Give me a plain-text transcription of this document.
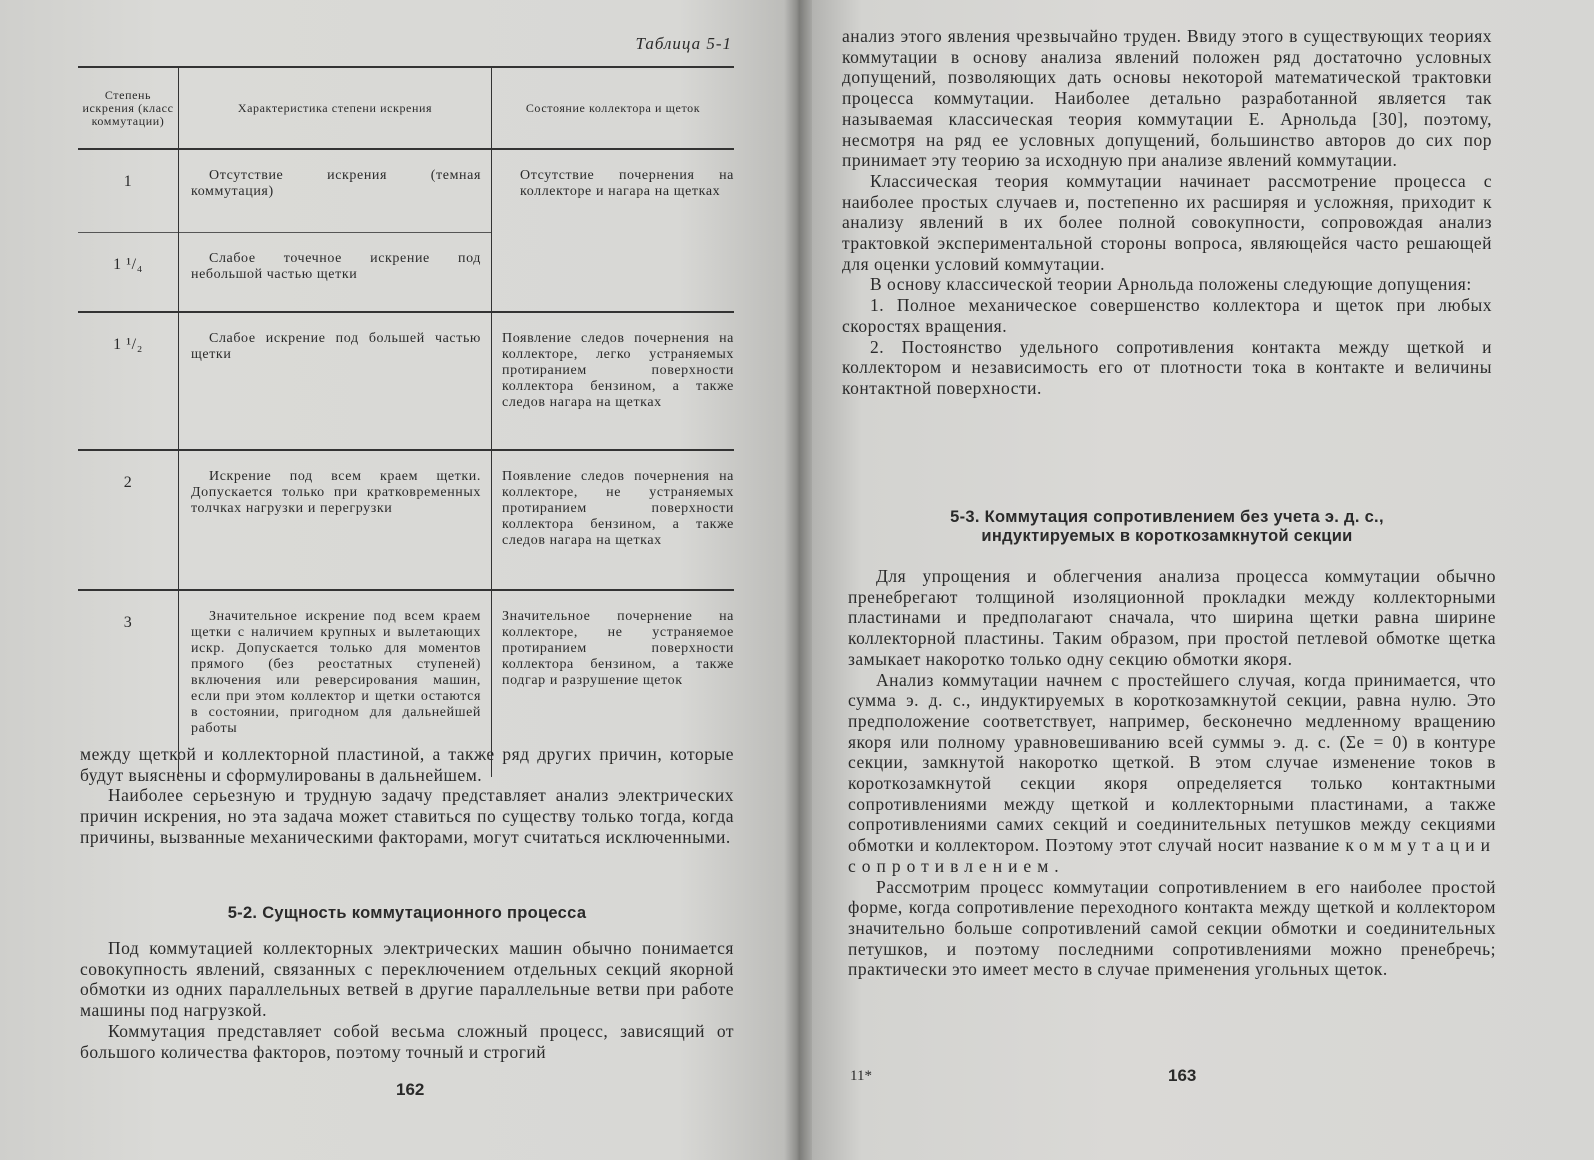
Таблица 5-1
Степень искрения (класс коммутации)	Характеристика степени искрения	Состояние коллектора и щеток
1	Отсутствие искрения (темная коммутация)	Отсутствие почернения на коллекторе и нагара на щетках
1 ¹/₄	Слабое точечное искрение под небольшой частью щетки	
1 ¹/₂	Слабое искрение под большей частью щетки	Появление следов почернения на коллекторе, легко устраняемых протиранием поверхности коллектора бензином, а также следов нагара на щетках
2	Искрение под всем краем щетки. Допускается только при кратковременных толчках нагрузки и перегрузки	Появление следов почернения на коллекторе, не устраняемых протиранием поверхности коллектора бензином, а также следов нагара на щетках
3	Значительное искрение под всем краем щетки с наличием крупных и вылетающих искр. Допускается только для моментов прямого (без реостатных ступеней) включения или реверсирования машин, если при этом коллектор и щетки остаются в состоянии, пригодном для дальнейшей работы	Значительное почернение на коллекторе, не устраняемое протиранием поверхности коллектора бензином, а также подгар и разрушение щеток

между щеткой и коллекторной пластиной, а также ряд других причин, которые будут выяснены и сформулированы в дальнейшем.

Наиболее серьезную и трудную задачу представляет анализ электрических причин искрения, но эта задача может ставиться по существу только тогда, когда причины, вызванные механическими факторами, могут считаться исключенными.

5-2. Сущность коммутационного процесса

Под коммутацией коллекторных электрических машин обычно понимается совокупность явлений, связанных с переключением отдельных секций якорной обмотки из одних параллельных ветвей в другие параллельные ветви при работе машины под нагрузкой.

Коммутация представляет собой весьма сложный процесс, зависящий от большого количества факторов, поэтому точный и строгий

162

анализ этого явления чрезвычайно труден. Ввиду этого в существующих теориях коммутации в основу анализа явлений положен ряд достаточно условных допущений, позволяющих дать основы некоторой математической трактовки процесса коммутации. Наиболее детально разработанной является так называемая классическая теория коммутации Е. Арнольда [30], поэтому, несмотря на ряд ее условных допущений, большинство авторов до сих пор принимает эту теорию за исходную при анализе явлений коммутации.

Классическая теория коммутации начинает рассмотрение процесса с наиболее простых случаев и, постепенно их расширяя и усложняя, приходит к анализу явлений в их более полной совокупности, сопровождая анализ трактовкой экспериментальной стороны вопроса, являющейся часто решающей для оценки условий коммутации.

В основу классической теории Арнольда положены следующие допущения:

1. Полное механическое совершенство коллектора и щеток при любых скоростях вращения.

2. Постоянство удельного сопротивления контакта между щеткой и коллектором и независимость его от плотности тока в контакте и величины контактной поверхности.

5-3. Коммутация сопротивлением без учета э. д. с.,
индуктируемых в короткозамкнутой секции

Для упрощения и облегчения анализа процесса коммутации обычно пренебрегают толщиной изоляционной прокладки между коллекторными пластинами и предполагают сначала, что ширина щетки равна ширине коллекторной пластины. Таким образом, при простой петлевой обмотке щетка замыкает накоротко только одну секцию обмотки якоря.

Анализ коммутации начнем с простейшего случая, когда принимается, что сумма э. д. с., индуктируемых в короткозамкнутой секции, равна нулю. Это предположение соответствует, например, бесконечно медленному вращению якоря или полному уравновешиванию всей суммы э. д. с. (Σe = 0) в контуре секции, замкнутой накоротко щеткой. В этом случае изменение токов в короткозамкнутой секции якоря определяется только контактными сопротивлениями между щеткой и коллекторными пластинами, а также сопротивлениями самих секций и соединительных петушков между секциями обмотки и коллектором. Поэтому этот случай носит название коммутации сопротивлением.

Рассмотрим процесс коммутации сопротивлением в его наиболее простой форме, когда сопротивление переходного контакта между щеткой и коллектором значительно больше сопротивлений самой секции обмотки и соединительных петушков, и поэтому последними сопротивлениями можно пренебречь; практически это имеет место в случае применения угольных щеток.

11*	163
